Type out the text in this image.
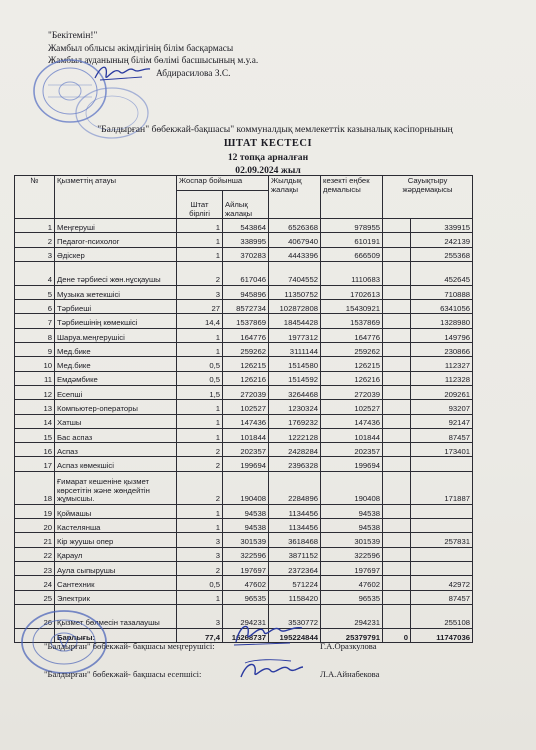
"Бекітемін!"
Жамбыл облысы әкімдігінің білім басқармасы
Жамбыл ауданының білім бөлімі басшысының м.у.а.
Абдирасилова З.С.
"Балдырған" бөбекжай-бақшасы" коммуналдық мемлекеттік казыналық кәсіпорнының
ШТАТ КЕСТЕСІ
12 топқа арналған
02.09.2024 жыл
№	Қызметтің атауы	Жоспар бойынша		Жылдық жалақы	кезекті еңбек демалысы	Сауықтыру жәрдемақысы	
		Штат бірлігі	Айлық жалақы				
1	Меңгеруші	1	543864	6526368	978955		339915
2	Педагог-психолог	1	338995	4067940	610191		242139
3	Әдіскер	1	370283	4443396	666509		255368
4	Дене тәрбиесі жөн.нұсқаушы	2	617046	7404552	1110683		452645
5	Музыка жетекшісі	3	945896	11350752	1702613		710888
6	Тәрбиеші	27	8572734	102872808	15430921		6341056
7	Тәрбиешінің көмекшісі	14,4	1537869	18454428	1537869		1328980
8	Шаруа.меңгерушісі	1	164776	1977312	164776		149796
9	Мед.бике	1	259262	3111144	259262		230866
10	Мед.бике	0,5	126215	1514580	126215		112327
11	Емдәмбике	0,5	126216	1514592	126216		112328
12	Есепші	1,5	272039	3264468	272039		209261
13	Компьютер-операторы	1	102527	1230324	102527		93207
14	Хатшы	1	147436	1769232	147436		92147
15	Бас аспаз	1	101844	1222128	101844		87457
16	Аспаз	2	202357	2428284	202357		173401
17	Аспаз көмекшісі	2	199694	2396328	199694		
18	Ғимарат кешеніне қызмет көрсетітін және жөндейтін жұмысшы.	2	190408	2284896	190408		171887
19	Қоймашы	1	94538	1134456	94538		
20	Кастеляншa	1	94538	1134456	94538		
21	Кір жуушы опер	3	301539	3618468	301539		257831
22	Қараул	3	322596	3871152	322596		
23	Аула сыпырушы	2	197697	2372364	197697		
24	Сантехник	0,5	47602	571224	47602		42972
25	Электрик	1	96535	1158420	96535		87457
26	Қызмет бөлмесін тазалаушы	3	294231	3530772	294231		255108
	Барлығы:	77,4	16268737	195224844	25379791	0	11747036
"Балдырған" бөбекжай- бақшасы меңгерушісі:	Г.А.Оразкулова
"Балдырған" бөбекжай- бақшасы есепшісі:	Л.А.Айнабекова
